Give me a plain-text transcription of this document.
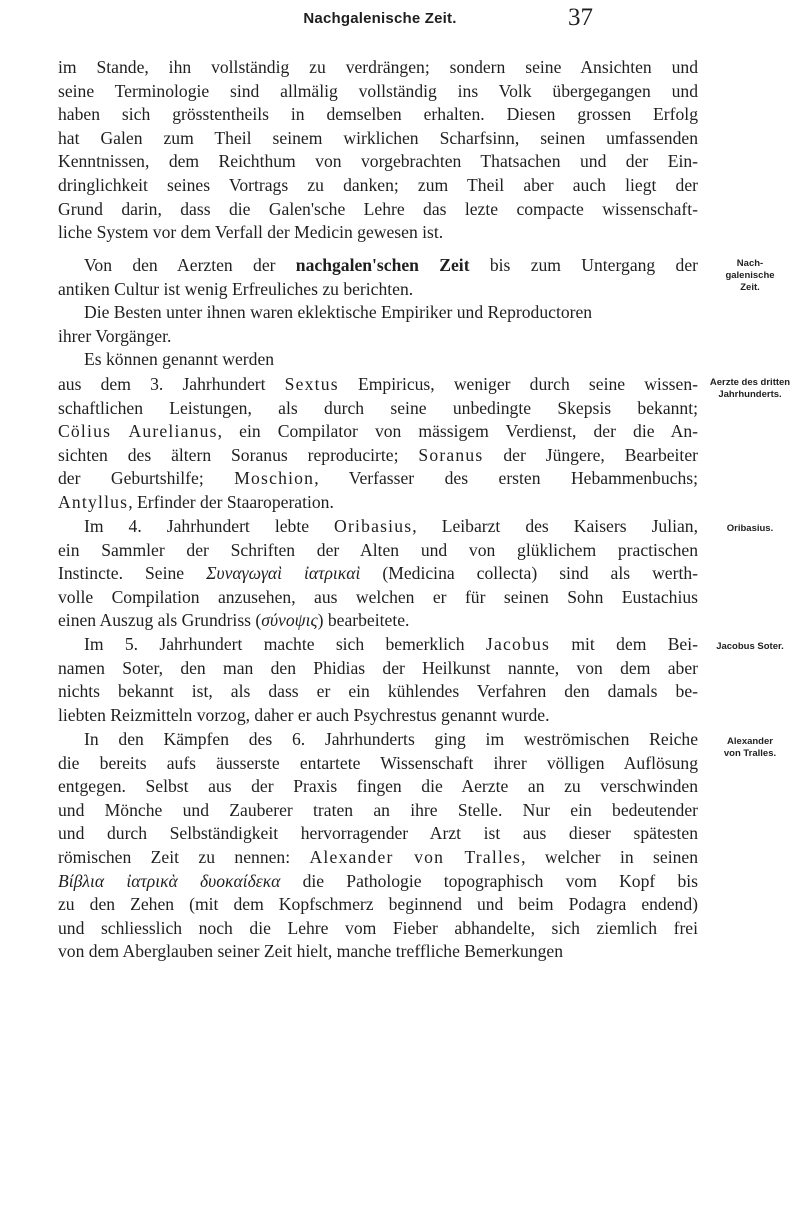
Nachgalenische Zeit.	37
im Stande, ihn vollständig zu verdrängen; sondern seine Ansichten und
seine Terminologie sind allmälig vollständig ins Volk übergegangen und
haben sich grösstentheils in demselben erhalten. Diesen grossen Erfolg
hat Galen zum Theil seinem wirklichen Scharfsinn, seinen umfassenden
Kenntnissen, dem Reichthum von vorgebrachten Thatsachen und der Ein-
dringlichkeit seines Vortrags zu danken; zum Theil aber auch liegt der
Grund darin, dass die Galen'sche Lehre das lezte compacte wissenschaft-
liche System vor dem Verfall der Medicin gewesen ist.
Von den Aerzten der nachgalen'schen Zeit bis zum Untergang der
antiken Cultur ist wenig Erfreuliches zu berichten.
Die Besten unter ihnen waren eklektische Empiriker und Reproductoren
ihrer Vorgänger.
Es können genannt werden
aus dem 3. Jahrhundert Sextus Empiricus, weniger durch seine wissen-
schaftlichen Leistungen, als durch seine unbedingte Skepsis bekannt;
Cölius Aurelianus, ein Compilator von mässigem Verdienst, der die An-
sichten des ältern Soranus reproducirte; Soranus der Jüngere, Bearbeiter
der Geburtshilfe; Moschion, Verfasser des ersten Hebammenbuchs;
Antyllus, Erfinder der Staaroperation.
Im 4. Jahrhundert lebte Oribasius, Leibarzt des Kaisers Julian,
ein Sammler der Schriften der Alten und von glüklichem practischen
Instincte. Seine Συναγωγαὶ ἰατρικαὶ (Medicina collecta) sind als werth-
volle Compilation anzusehen, aus welchen er für seinen Sohn Eustachius
einen Auszug als Grundriss (σύνοψις) bearbeitete.
Im 5. Jahrhundert machte sich bemerklich Jacobus mit dem Bei-
namen Soter, den man den Phidias der Heilkunst nannte, von dem aber
nichts bekannt ist, als dass er ein kühlendes Verfahren den damals be-
liebten Reizmitteln vorzog, daher er auch Psychrestus genannt wurde.
In den Kämpfen des 6. Jahrhunderts ging im weströmischen Reiche
die bereits aufs äusserste entartete Wissenschaft ihrer völligen Auflösung
entgegen. Selbst aus der Praxis fingen die Aerzte an zu verschwinden
und Mönche und Zauberer traten an ihre Stelle. Nur ein bedeutender
und durch Selbständigkeit hervorragender Arzt ist aus dieser spätesten
römischen Zeit zu nennen: Alexander von Tralles, welcher in seinen
Βίβλια ἰατρικὰ δυοκαίδεκα die Pathologie topographisch vom Kopf bis
zu den Zehen (mit dem Kopfschmerz beginnend und beim Podagra endend)
und schliesslich noch die Lehre vom Fieber abhandelte, sich ziemlich frei
von dem Aberglauben seiner Zeit hielt, manche treffliche Bemerkungen
Nach-
galenische
Zeit.
Aerzte des dritten
Jahrhunderts.
Oribasius.
Jacobus Soter.
Alexander
von Tralles.
